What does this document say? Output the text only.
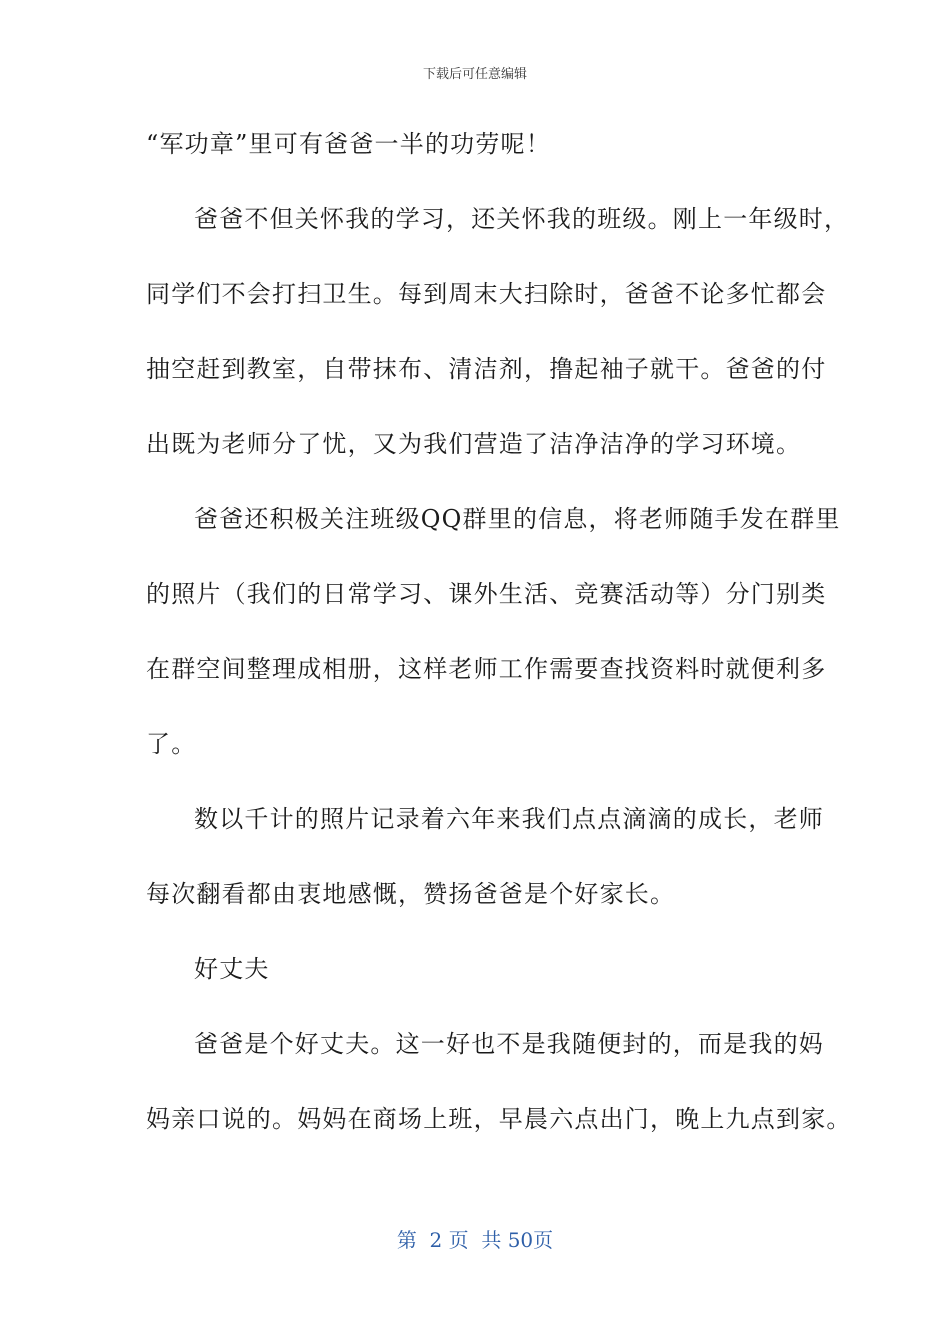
下载后可任意编辑
“军功章”里可有爸爸一半的功劳呢！
爸爸不但关怀我的学习，还关怀我的班级。刚上一年级时，
同学们不会打扫卫生。每到周末大扫除时，爸爸不论多忙都会
抽空赶到教室，自带抹布、清洁剂，撸起袖子就干。爸爸的付
出既为老师分了忧，又为我们营造了洁净洁净的学习环境。
爸爸还积极关注班级QQ群里的信息，将老师随手发在群里
的照片（我们的日常学习、课外生活、竞赛活动等）分门别类
在群空间整理成相册，这样老师工作需要查找资料时就便利多
了。
数以千计的照片记录着六年来我们点点滴滴的成长，老师
每次翻看都由衷地感慨，赞扬爸爸是个好家长。
好丈夫
爸爸是个好丈夫。这一好也不是我随便封的，而是我的妈
妈亲口说的。妈妈在商场上班，早晨六点出门，晚上九点到家。
第  2 页  共 50页
